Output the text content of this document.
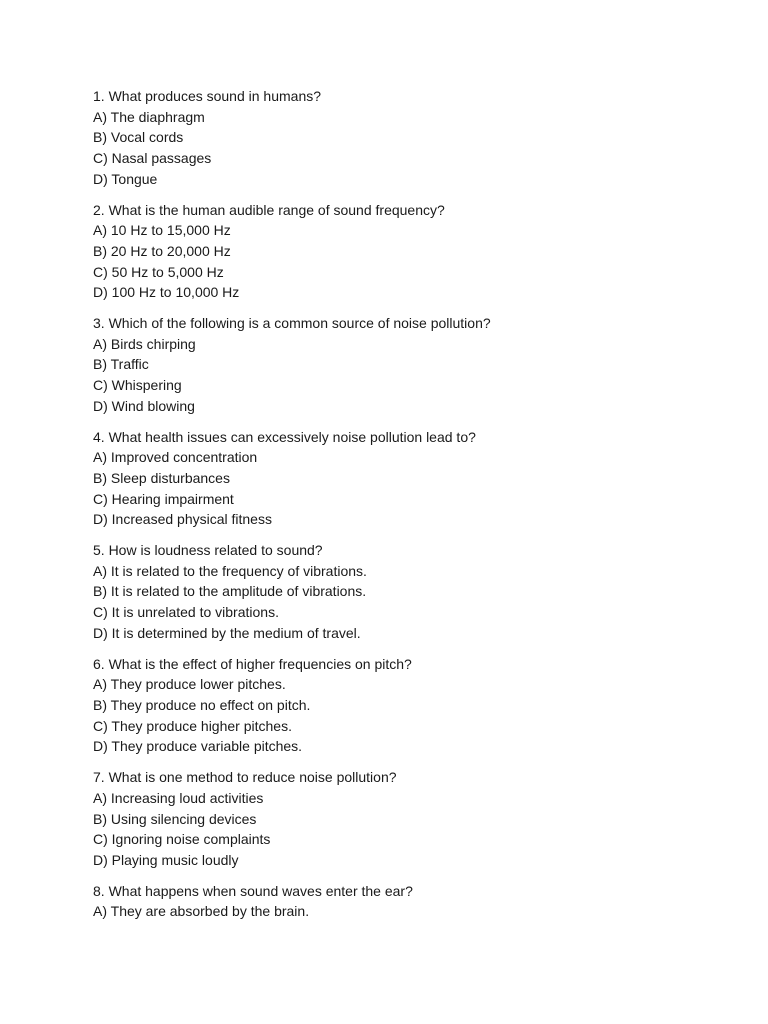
1. What produces sound in humans?
A) The diaphragm
B) Vocal cords
C) Nasal passages
D) Tongue
2. What is the human audible range of sound frequency?
A) 10 Hz to 15,000 Hz
B) 20 Hz to 20,000 Hz
C) 50 Hz to 5,000 Hz
D) 100 Hz to 10,000 Hz
3. Which of the following is a common source of noise pollution?
A) Birds chirping
B) Traffic
C) Whispering
D) Wind blowing
4. What health issues can excessively noise pollution lead to?
A) Improved concentration
B) Sleep disturbances
C) Hearing impairment
D) Increased physical fitness
5. How is loudness related to sound?
A) It is related to the frequency of vibrations.
B) It is related to the amplitude of vibrations.
C) It is unrelated to vibrations.
D) It is determined by the medium of travel.
6. What is the effect of higher frequencies on pitch?
A) They produce lower pitches.
B) They produce no effect on pitch.
C) They produce higher pitches.
D) They produce variable pitches.
7. What is one method to reduce noise pollution?
A) Increasing loud activities
B) Using silencing devices
C) Ignoring noise complaints
D) Playing music loudly
8. What happens when sound waves enter the ear?
A) They are absorbed by the brain.
